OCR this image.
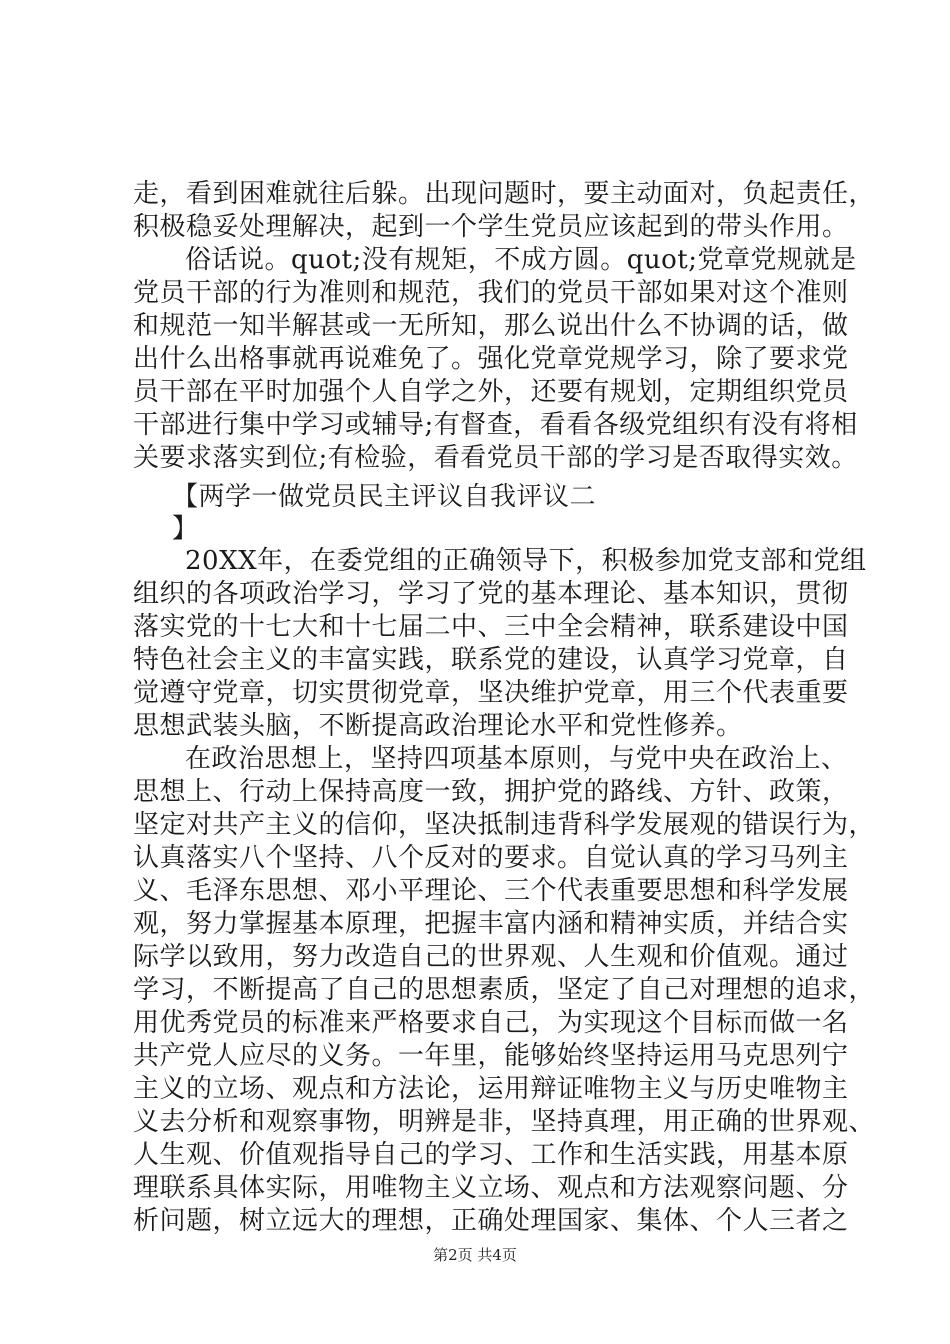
走，看到困难就往后躲。出现问题时，要主动面对，负起责任，
积极稳妥处理解决，起到一个学生党员应该起到的带头作用。
俗话说。quot;没有规矩，不成方圆。quot;党章党规就是
党员干部的行为准则和规范，我们的党员干部如果对这个准则
和规范一知半解甚或一无所知，那么说出什么不协调的话，做
出什么出格事就再说难免了。强化党章党规学习，除了要求党
员干部在平时加强个人自学之外，还要有规划，定期组织党员
干部进行集中学习或辅导;有督查，看看各级党组织有没有将相
关要求落实到位;有检验，看看党员干部的学习是否取得实效。
【两学一做党员民主评议自我评议二
】
20XX年，在委党组的正确领导下，积极参加党支部和党组
组织的各项政治学习，学习了党的基本理论、基本知识，贯彻
落实党的十七大和十七届二中、三中全会精神，联系建设中国
特色社会主义的丰富实践，联系党的建设，认真学习党章，自
觉遵守党章，切实贯彻党章，坚决维护党章，用三个代表重要
思想武装头脑，不断提高政治理论水平和党性修养。
在政治思想上，坚持四项基本原则，与党中央在政治上、
思想上、行动上保持高度一致，拥护党的路线、方针、政策，
坚定对共产主义的信仰，坚决抵制违背科学发展观的错误行为，
认真落实八个坚持、八个反对的要求。自觉认真的学习马列主
义、毛泽东思想、邓小平理论、三个代表重要思想和科学发展
观，努力掌握基本原理，把握丰富内涵和精神实质，并结合实
际学以致用，努力改造自己的世界观、人生观和价值观。通过
学习，不断提高了自己的思想素质，坚定了自己对理想的追求，
用优秀党员的标准来严格要求自己，为实现这个目标而做一名
共产党人应尽的义务。一年里，能够始终坚持运用马克思列宁
主义的立场、观点和方法论，运用辩证唯物主义与历史唯物主
义去分析和观察事物，明辨是非，坚持真理，用正确的世界观、
人生观、价值观指导自己的学习、工作和生活实践，用基本原
理联系具体实际，用唯物主义立场、观点和方法观察问题、分
析问题，树立远大的理想，正确处理国家、集体、个人三者之
第2页 共4页
